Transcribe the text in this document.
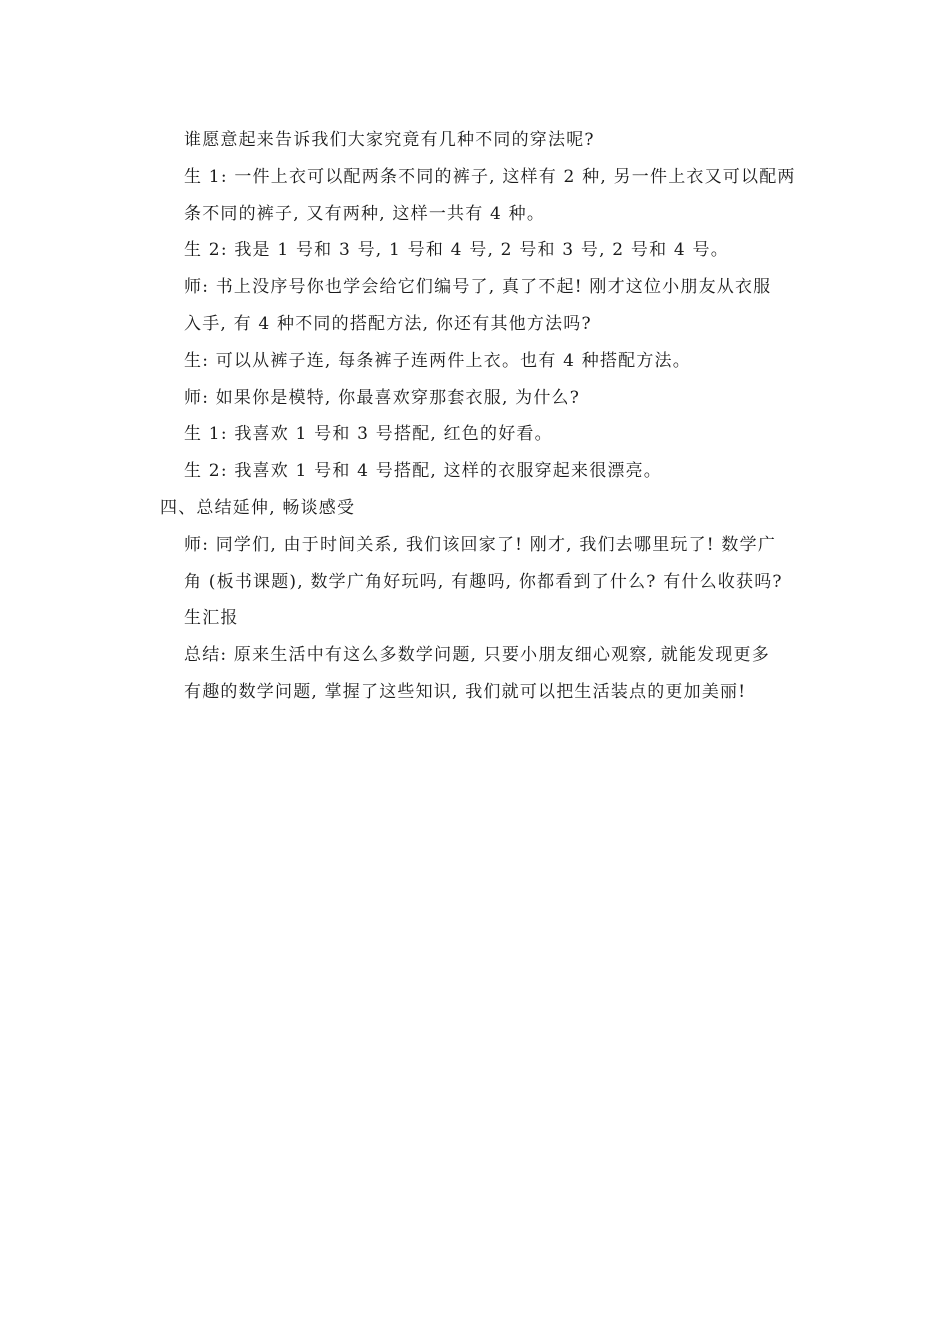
谁愿意起来告诉我们大家究竟有几种不同的穿法呢?
生 1: 一件上衣可以配两条不同的裤子, 这样有 2 种, 另一件上衣又可以配两
条不同的裤子, 又有两种, 这样一共有 4 种。
生 2: 我是 1 号和 3 号, 1 号和 4 号, 2 号和 3 号, 2 号和 4 号。
师: 书上没序号你也学会给它们编号了, 真了不起! 刚才这位小朋友从衣服
入手, 有 4 种不同的搭配方法, 你还有其他方法吗?
生: 可以从裤子连, 每条裤子连两件上衣。也有 4 种搭配方法。
师: 如果你是模特, 你最喜欢穿那套衣服, 为什么?
生 1: 我喜欢 1 号和 3 号搭配, 红色的好看。
生 2: 我喜欢 1 号和 4 号搭配, 这样的衣服穿起来很漂亮。
四、总结延伸, 畅谈感受
师: 同学们, 由于时间关系, 我们该回家了! 刚才, 我们去哪里玩了! 数学广
角 (板书课题), 数学广角好玩吗, 有趣吗, 你都看到了什么? 有什么收获吗?
生汇报
总结: 原来生活中有这么多数学问题, 只要小朋友细心观察, 就能发现更多
有趣的数学问题, 掌握了这些知识, 我们就可以把生活装点的更加美丽!
